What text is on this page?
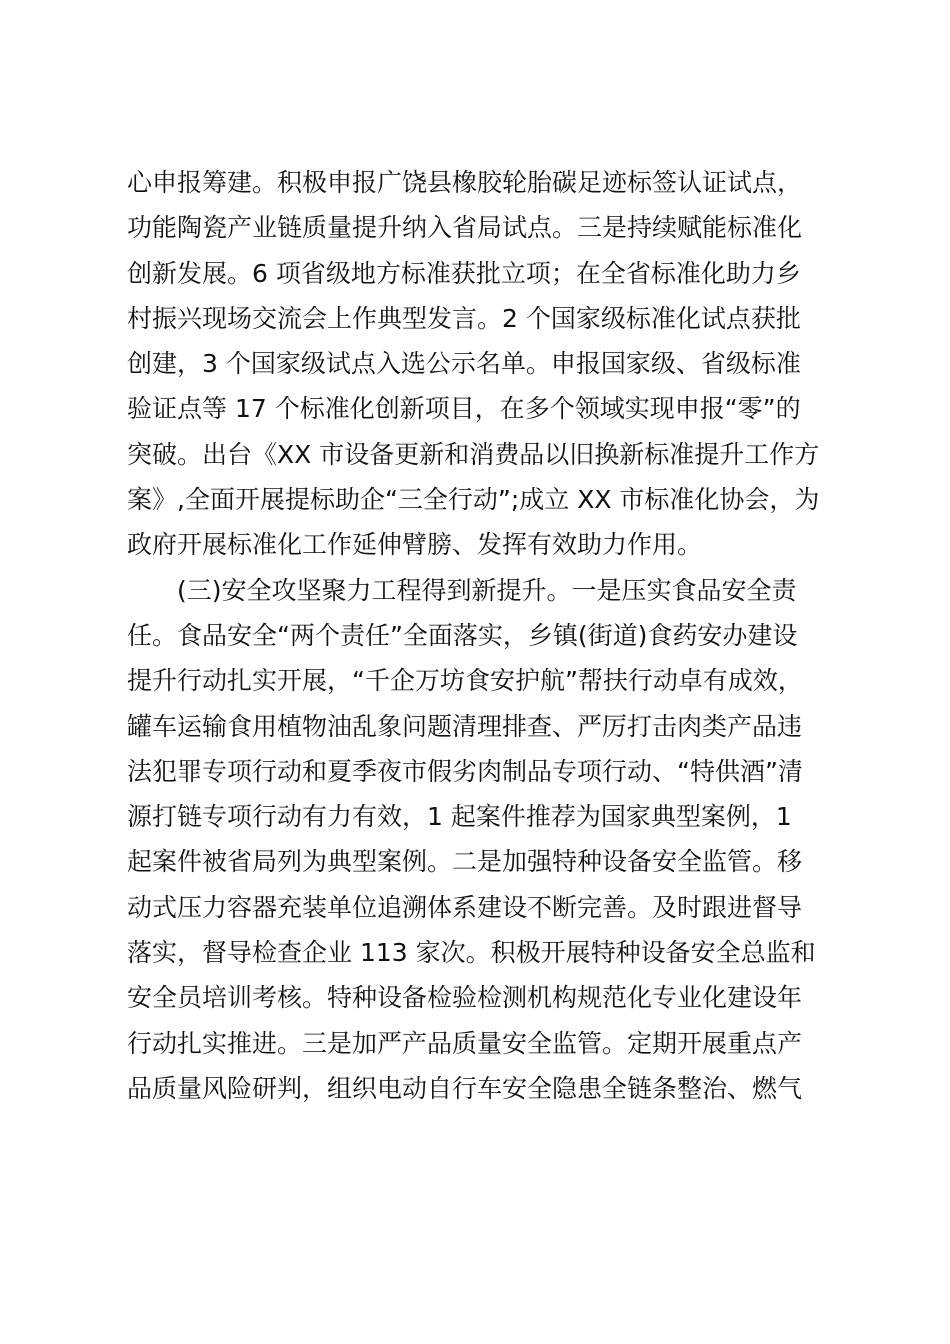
心申报筹建。积极申报广饶县橡胶轮胎碳足迹标签认证试点，
功能陶瓷产业链质量提升纳入省局试点。三是持续赋能标准化
创新发展。6 项省级地方标准获批立项；在全省标准化助力乡
村振兴现场交流会上作典型发言。2 个国家级标准化试点获批
创建，3 个国家级试点入选公示名单。申报国家级、省级标准
验证点等 17 个标准化创新项目，在多个领域实现申报“零”的
突破。出台《XX 市设备更新和消费品以旧换新标准提升工作方
案》,全面开展提标助企“三全行动”;成立 XX 市标准化协会，为
政府开展标准化工作延伸臂膀、发挥有效助力作用。
(三)安全攻坚聚力工程得到新提升。一是压实食品安全责
任。食品安全“两个责任”全面落实，乡镇(街道)食药安办建设
提升行动扎实开展，“千企万坊食安护航”帮扶行动卓有成效，
罐车运输食用植物油乱象问题清理排查、严厉打击肉类产品违
法犯罪专项行动和夏季夜市假劣肉制品专项行动、“特供酒”清
源打链专项行动有力有效，1 起案件推荐为国家典型案例，1
起案件被省局列为典型案例。二是加强特种设备安全监管。移
动式压力容器充装单位追溯体系建设不断完善。及时跟进督导
落实，督导检查企业 113 家次。积极开展特种设备安全总监和
安全员培训考核。特种设备检验检测机构规范化专业化建设年
行动扎实推进。三是加严产品质量安全监管。定期开展重点产
品质量风险研判，组织电动自行车安全隐患全链条整治、燃气
